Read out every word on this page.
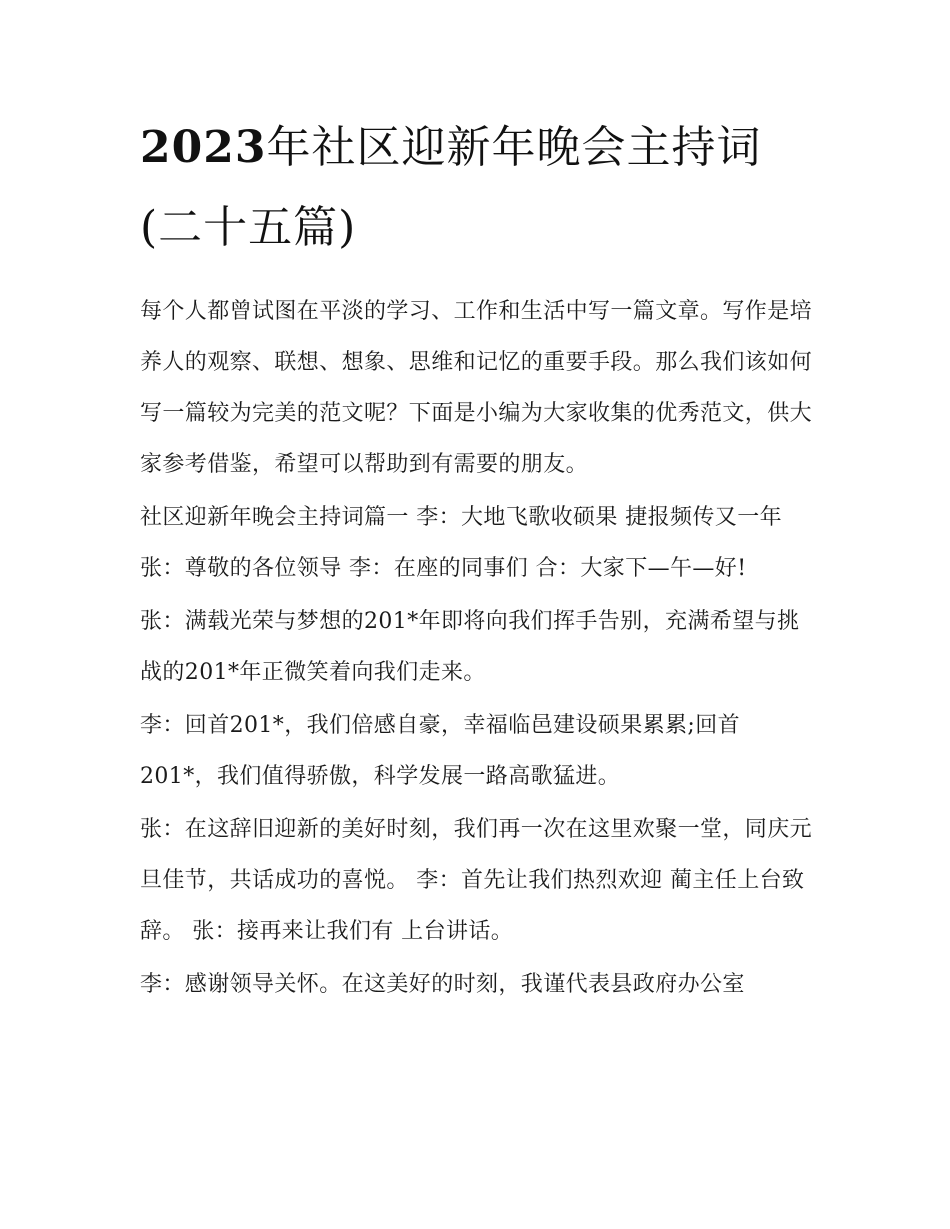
2023年社区迎新年晚会主持词(二十五篇)

每个人都曾试图在平淡的学习、工作和生活中写一篇文章。写作是培养人的观察、联想、想象、思维和记忆的重要手段。那么我们该如何写一篇较为完美的范文呢？下面是小编为大家收集的优秀范文，供大家参考借鉴，希望可以帮助到有需要的朋友。

社区迎新年晚会主持词篇一 李：大地飞歌收硕果 捷报频传又一年 张：尊敬的各位领导 李：在座的同事们 合：大家下—午—好!

张：满载光荣与梦想的201*年即将向我们挥手告别，充满希望与挑战的201*年正微笑着向我们走来。

李：回首201*，我们倍感自豪，幸福临邑建设硕果累累;回首201*，我们值得骄傲，科学发展一路高歌猛进。

张：在这辞旧迎新的美好时刻，我们再一次在这里欢聚一堂，同庆元旦佳节，共话成功的喜悦。 李：首先让我们热烈欢迎 蔺主任上台致辞。 张：接再来让我们有 上台讲话。

李：感谢领导关怀。在这美好的时刻，我谨代表县政府办公室
